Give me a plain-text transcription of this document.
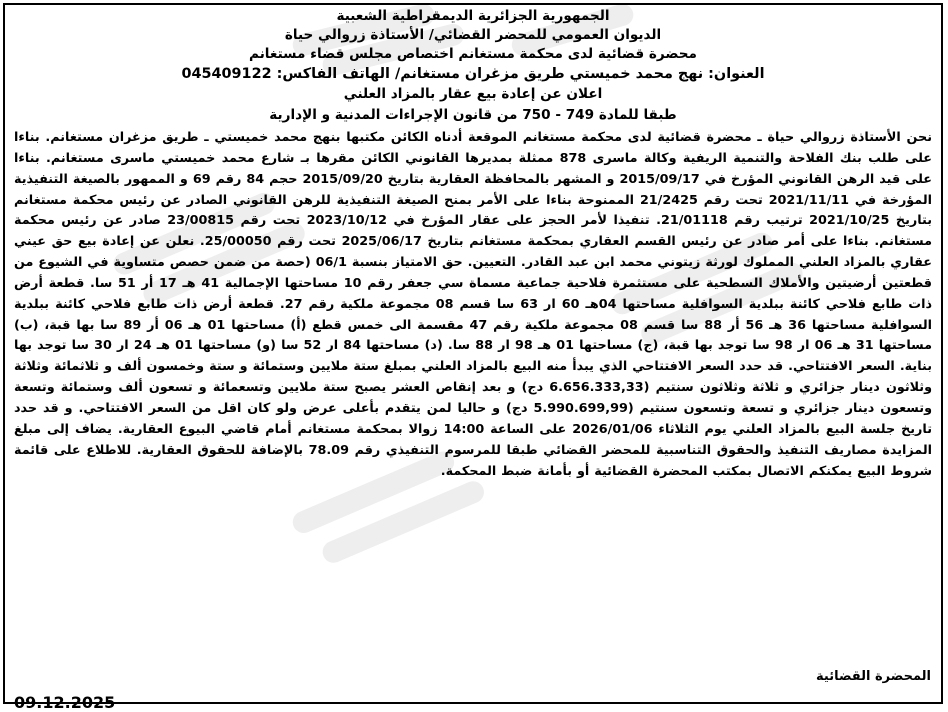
الجمهورية الجزائرية الديمقراطية الشعبية
الديوان العمومي للمحضر القضائي/ الأستاذة زروالي حياة
محضرة قضائية لدى محكمة مستغانم اختصاص مجلس قضاء مستغانم
العنوان: نهج محمد خميستي طريق مزغران مستغانم/ الهاتف الفاكس: 045409122
اعلان عن إعادة بيع عقار بالمزاد العلني
طبقا للمادة 749 - 750 من قانون الإجراءات المدنية و الإدارية
نحن الأستاذة زروالي حياة ـ محضرة قضائية لدى محكمة مستغانم الموقعة أدناه الكائن مكتبها بنهج محمد خميستي ـ طريق مزغران مستغانم. بناءا على طلب بنك الفلاحة والتنمية الريفية وكالة ماسرى 878 ممثلة بمديرها القانوني الكائن مقرها بـ شارع محمد خميستي ماسرى مستغانم. بناءا على قيد الرهن القانوني المؤرخ في 2015/09/17 و المشهر بالمحافظة العقارية بتاريخ 2015/09/20 حجم 84 رقم 69 و الممهور بالصيغة التنفيذية المؤرخة في 2021/11/11 تحت رقم 21/2425 الممنوحة بناءا على الأمر بمنح الصيغة التنفيذية للرهن القانوني الصادر عن رئيس محكمة مستغانم بتاريخ 2021/10/25 ترتيب رقم 21/01118. تنفيذا لأمر الحجز على عقار المؤرخ في 2023/10/12 تحت رقم 23/00815 صادر عن رئيس محكمة مستغانم. بناءا على أمر صادر عن رئيس القسم العقاري بمحكمة مستغانم بتاريخ 2025/06/17 تحت رقم 25/00050. نعلن عن إعادة بيع حق عيني عقاري بالمزاد العلني المملوك لورثة زيتوني محمد ابن عبد القادر. التعيين. حق الامتياز بنسبة 06/1 (حصة من ضمن حصص متساوية في الشيوع من قطعتين أرضيتين والأملاك السطحية على مستثمرة فلاحية جماعية مسماة سي جعفر رقم 10 مساحتها الإجمالية 41 هـ 17 أر 51 سا. قطعة أرض ذات طابع فلاحي كائنة ببلدية السوافلية مساحتها 04هـ 60 ار 63 سا قسم 08 مجموعة ملكية رقم 27. قطعة أرض ذات طابع فلاحي كائنة ببلدية السوافلية مساحتها 36 هـ 56 أر 88 سا قسم 08 مجموعة ملكية رقم 47 مقسمة الى خمس قطع (أ) مساحتها 01 هـ 06 أر 89 سا بها قبة، (ب) مساحتها 31 هـ 06 ار 98 سا توجد بها قبة، (ج) مساحتها 01 هـ 98 ار 88 سا. (د) مساحتها 84 ار 52 سا (و) مساحتها 01 هـ 24 ار 30 سا توجد بها بناية. السعر الافتتاحي. قد حدد السعر الافتتاحي الذي يبدأ منه البيع بالمزاد العلني بمبلغ ستة ملايين وستمائة و ستة وخمسون ألف و ثلاثمائة وثلاثة وثلاثون دينار جزائري و ثلاثة وثلاثون سنتيم (6.656.333,33 دج) و بعد إنقاص العشر يصبح ستة ملايين وتسعمائة و تسعون ألف وستمائة وتسعة وتسعون دينار جزائري و تسعة وتسعون سنتيم (5.990.699,99 دج) و حاليا لمن يتقدم بأعلى عرض ولو كان اقل من السعر الافتتاحي. و قد حدد تاريخ جلسة البيع بالمزاد العلني يوم الثلاثاء 2026/01/06 على الساعة 14:00 زوالا بمحكمة مستغانم أمام قاضي البيوع العقارية. يضاف إلى مبلغ المزايدة مصاريف التنفيذ والحقوق التناسبية للمحضر القضائي طبقا للمرسوم التنفيذي رقم 78.09 بالإضافة للحقوق العقارية. للاطلاع على قائمة شروط البيع يمكنكم الاتصال بمكتب المحضرة القضائية أو بأمانة ضبط المحكمة.
المحضرة القضائية
09.12.2025
